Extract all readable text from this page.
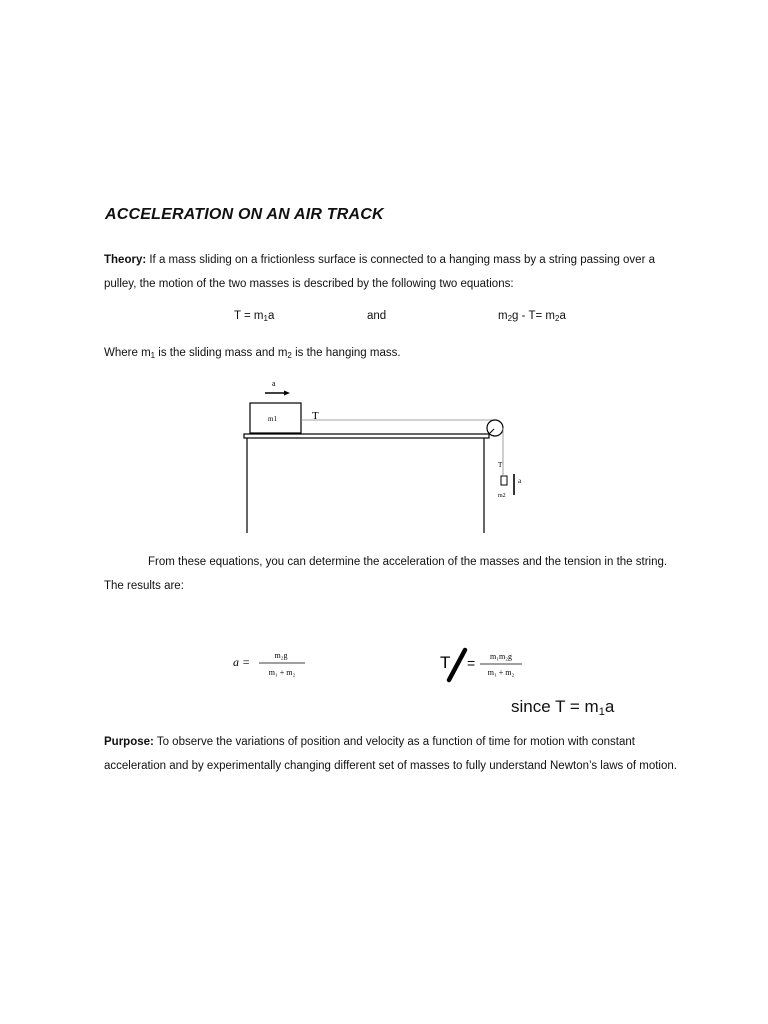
ACCELERATION ON AN AIR TRACK
Theory: If a mass sliding on a frictionless surface is connected to a hanging mass by a string passing over a pulley, the motion of the two masses is described by the following two equations:
$T = m_1a$	and	$m_2g - T= m_2a$
Where $m_1$ is the sliding mass and $m_2$ is the hanging mass.
a
m1	T
T
m2
a
From these equations, you can determine the acceleration of the masses and the tension in the string. The results are:
a =	m₂g
m₁ + m₂
T = m₁m₂g
m₁ + m₂
since $T = m_1a$
Purpose: To observe the variations of position and velocity as a function of time for motion with constant acceleration and by experimentally changing different set of masses to fully understand Newton’s laws of motion.
